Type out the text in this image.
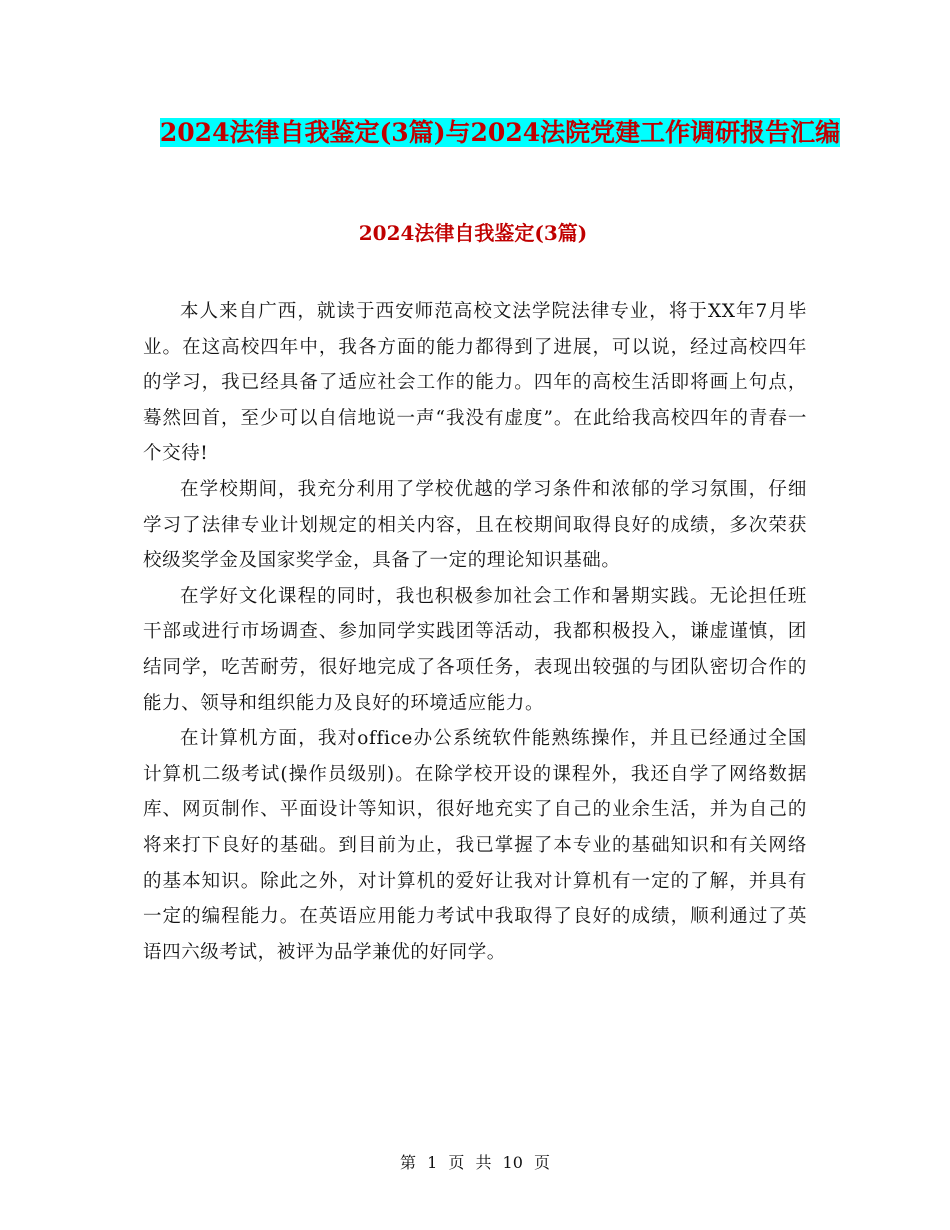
2024法律自我鉴定(3篇)与2024法院党建工作调研报告汇编
2024法律自我鉴定(3篇)

本人来自广西，就读于西安师范高校文法学院法律专业，将于XX年7月毕业。在这高校四年中，我各方面的能力都得到了进展，可以说，经过高校四年的学习，我已经具备了适应社会工作的能力。四年的高校生活即将画上句点，蓦然回首，至少可以自信地说一声“我没有虚度”。在此给我高校四年的青春一个交待!

在学校期间，我充分利用了学校优越的学习条件和浓郁的学习氛围，仔细学习了法律专业计划规定的相关内容，且在校期间取得良好的成绩，多次荣获校级奖学金及国家奖学金，具备了一定的理论知识基础。

在学好文化课程的同时，我也积极参加社会工作和暑期实践。无论担任班干部或进行市场调查、参加同学实践团等活动，我都积极投入，谦虚谨慎，团结同学，吃苦耐劳，很好地完成了各项任务，表现出较强的与团队密切合作的能力、领导和组织能力及良好的环境适应能力。

在计算机方面，我对office办公系统软件能熟练操作，并且已经通过全国计算机二级考试(操作员级别)。在除学校开设的课程外，我还自学了网络数据库、网页制作、平面设计等知识，很好地充实了自己的业余生活，并为自己的将来打下良好的基础。到目前为止，我已掌握了本专业的基础知识和有关网络的基本知识。除此之外，对计算机的爱好让我对计算机有一定的了解，并具有一定的编程能力。在英语应用能力考试中我取得了良好的成绩，顺利通过了英语四六级考试，被评为品学兼优的好同学。

第 1 页 共 10 页
